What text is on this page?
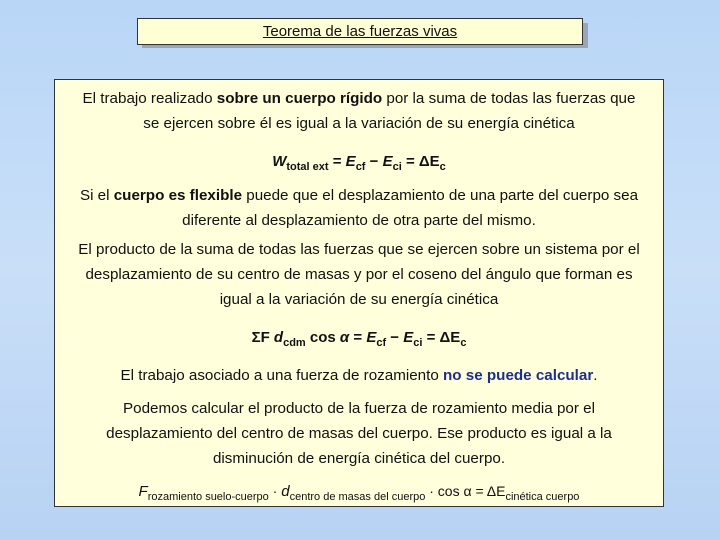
Teorema de las fuerzas vivas
El trabajo realizado sobre un cuerpo rígido por la suma de todas las fuerzas que
se ejercen sobre él es igual a la variación de su energía cinética
$W_{total ext} = E_{cf} - E_{ci} = \Delta E_c$
Si el cuerpo es flexible puede que el desplazamiento de una parte del cuerpo sea
diferente al desplazamiento de otra parte del mismo.
El producto de la suma de todas las fuerzas que se ejercen sobre un sistema por el
desplazamiento de su centro de masas y por el coseno del ángulo que forman es
igual a la variación de su energía cinética
ΣF $d_{cdm}$ $\cos \alpha = E_{cf} - E_{ci} = \Delta E_c$
El trabajo asociado a una fuerza de rozamiento no se puede calcular.
Podemos calcular el producto de la fuerza de rozamiento media por el
desplazamiento del centro de masas del cuerpo. Ese producto es igual a la
disminución de energía cinética del cuerpo.
$F_{rozamiento suelo-cuerpo} \cdot d_{centro de masas del cuerpo} \cdot \cos \alpha = \Delta E_{cinética cuerpo}$
